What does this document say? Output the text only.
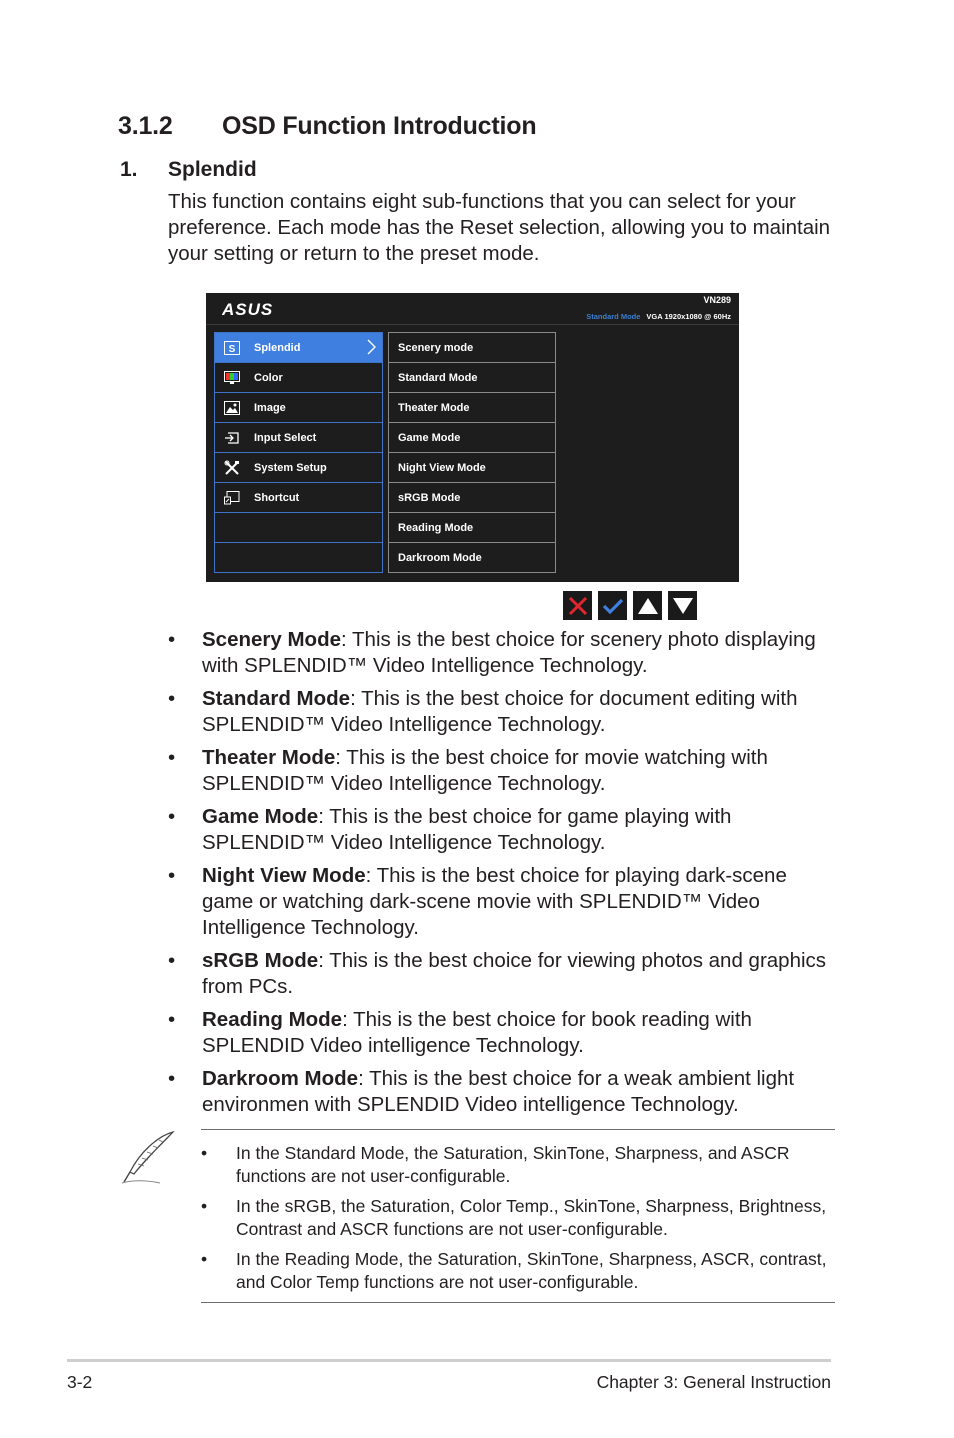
3.1.2 OSD Function Introduction
1. Splendid

This function contains eight sub-functions that you can select for your preference. Each mode has the Reset selection, allowing you to maintain your setting or return to the preset mode.

ASUS	VN289
Standard Mode VGA 1920x1080 @ 60Hz
S Splendid
Color
Image
Input Select
System Setup
Shortcut
Scenery mode
Standard Mode
Theater Mode
Game Mode
Night View Mode
sRGB Mode
Reading Mode
Darkroom Mode
• Scenery Mode: This is the best choice for scenery photo displaying with SPLENDID™ Video Intelligence Technology.
• Standard Mode: This is the best choice for document editing with SPLENDID™ Video Intelligence Technology.
• Theater Mode: This is the best choice for movie watching with SPLENDID™ Video Intelligence Technology.
• Game Mode: This is the best choice for game playing with SPLENDID™ Video Intelligence Technology.
• Night View Mode: This is the best choice for playing dark-scene game or watching dark-scene movie with SPLENDID™ Video Intelligence Technology.
• sRGB Mode: This is the best choice for viewing photos and graphics from PCs.
• Reading Mode: This is the best choice for book reading with SPLENDID Video intelligence Technology.
• Darkroom Mode: This is the best choice for a weak ambient light environmen with SPLENDID Video intelligence Technology.
• In the Standard Mode, the Saturation, SkinTone, Sharpness, and ASCR functions are not user-configurable.
• In the sRGB, the Saturation, Color Temp., SkinTone, Sharpness, Brightness, Contrast and ASCR functions are not user-configurable.
• In the Reading Mode, the Saturation, SkinTone, Sharpness, ASCR, contrast, and Color Temp functions are not user-configurable.
3-2	Chapter 3: General Instruction
